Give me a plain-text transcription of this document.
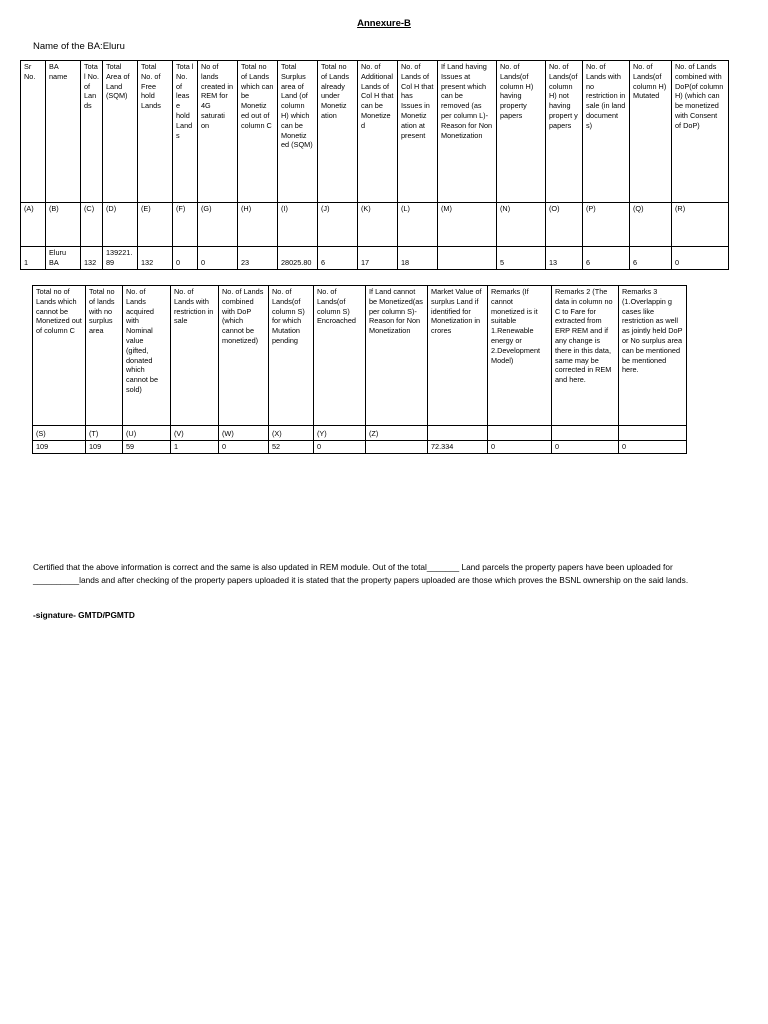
Annexure-B
Name of the BA:Eluru
Sr No.	BA name	Tota l No. of Lan ds	Total Area of Land (SQM)	Total No. of Free hold Lands	Tota l No. of leas e hold Land s	No of lands created in REM for 4G saturati on	Total no of Lands which can be Monetiz ed out of column C	Total Surplus area of Land (of column H) which can be Monetiz ed (SQM)	Total no of Lands already under Monetiz ation	No. of Additional Lands of Col H that can be Monetize d	No. of Lands of Col H that has Issues in Monetiz ation at present	If Land having Issues at present which can be removed (as per column L)- Reason for Non Monetization	No. of Lands(of column H) having property papers	No. of Lands(of column H) not having propert y papers	No. of Lands with no restriction in sale (in land document s)	No. of Lands(of column H) Mutated	No. of Lands combined with DoP(of column H) (which can be monetized with Consent of DoP)
(A)	(B)	(C)	(D)	(E)	(F)	(G)	(H)	(I)	(J)	(K)	(L)	(M)	(N)	(O)	(P)	(Q)	(R)
1	Eluru BA	132	139221.89	132	0	0	23	28025.80	6	17	18		5	13	6	6	0
Total no of Lands which cannot be Monetized out of column C	Total no of lands with no surplus area	No. of Lands acquired with Nominal value (gifted, donated which cannot be sold)	No. of Lands with restriction in sale	No. of Lands combined with DoP (which cannot be monetized)	No. of Lands(of column S) for which Mutation pending	No. of Lands(of column S) Encroached	If Land cannot be Monetized(as per column S)- Reason for Non Monetization	Market Value of surplus Land if identified for Monetization in crores	Remarks (If cannot monetized is it suitable 1.Renewable energy or 2.Development Model)	Remarks 2 (The data in column no C to Fare for extracted from ERP REM and if any change is there in this data, same may be corrected in REM and here.	Remarks 3 (1.Overlappin g cases like restriction as well as jointly held DoP or No surplus area can be mentioned be mentioned here.
(S)	(T)	(U)	(V)	(W)	(X)	(Y)	(Z)				
109	109	59	1	0	52	0		72.334	0	0	0
Certified that the above information is correct and the same is also updated in REM module. Out of the total_______ Land parcels the property papers have been uploaded for __________lands and after checking of the property papers uploaded it is stated that the property papers uploaded are those which proves the BSNL ownership on the said lands.
-signature- GMTD/PGMTD
